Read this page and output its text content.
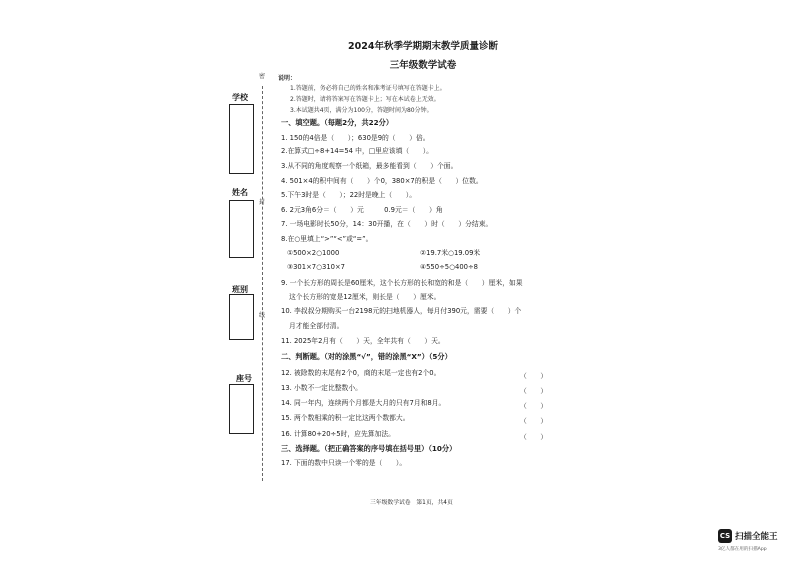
密
封
线
学校
姓名
班别
座号
2024年秋季学期期末教学质量诊断
三年级数学试卷
说明：
1.答题前，务必将自己的姓名和准考证号填写在答题卡上。
2.答题时，请将答案写在答题卡上；写在本试卷上无效。
3.本试题共4页，满分为100分，答题时间为80分钟。
一、填空题。（每题2分，共22分）
1. 150的4倍是（　　）；630是9的（　　）倍。
2.在算式□÷8+14=54 中，□里应该填（　　）。
3.从不同的角度观察一个纸箱，最多能看到（　　）个面。
4. 501×4的积中间有（　　）个0，380×7的积是（　　）位数。
5.下午3时是（　　）；22时是晚上（　　）。
6. 2元3角6分＝（　　）元　　　0.9元＝（　　）角
7. 一场电影时长50分，14：30开播，在（　　）时（　　）分结束。
8.在○里填上“>”“<”或“=”。
①500×2○1000	②19.7米○19.09米
③301×7○310×7	④550÷5○400÷8
9. 一个长方形的周长是60厘米，这个长方形的长和宽的和是（　　）厘米，如果
这个长方形的宽是12厘米，则长是（　　）厘米。
10. 李叔叔分期购买一台2198元的扫地机器人，每月付390元，需要（　　）个
月才能全部付清。
11. 2025年2月有（　　）天，全年共有（　　）天。
二、判断题。（对的涂黑“√”，错的涂黑“X”）（5分）
12. 被除数的末尾有2个0，商的末尾一定也有2个0。	（　　）
13. 小数不一定比整数小。	（　　）
14. 同一年内，连续两个月都是大月的只有7月和8月。	（　　）
15. 两个数相乘的积一定比这两个数都大。	（　　）
16. 计算80+20÷5时，应先算加法。	（　　）
三、选择题。（把正确答案的序号填在括号里）（10分）
17. 下面的数中只读一个零的是（　　）。
三年级数学试卷　第1页，共4页
CS 扫描全能王
3亿人都在用的扫描App
